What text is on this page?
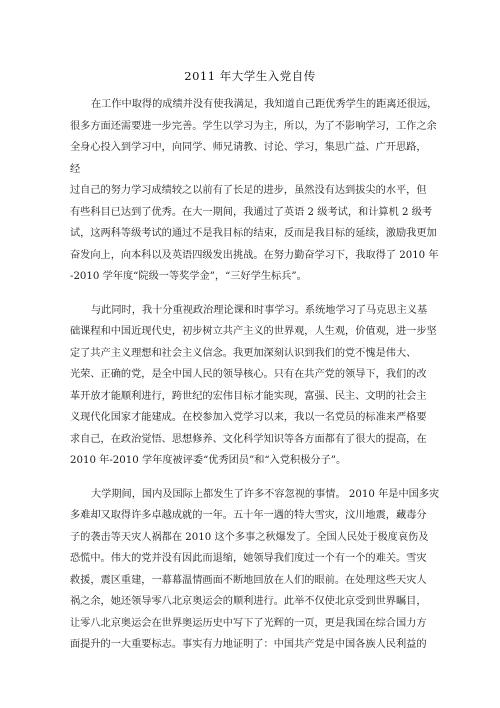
2011 年大学生入党自传

在工作中取得的成绩并没有使我满足，我知道自己距优秀学生的距离还很远，
很多方面还需要进一步完善。学生以学习为主，所以，为了不影响学习，工作之余
全身心投入到学习中，向同学、师兄请教、讨论、学习，集思广益、广开思路，
经
过自己的努力学习成绩较之以前有了长足的进步，虽然没有达到拔尖的水平，但
有些科目已达到了优秀。在大一期间，我通过了英语 2 级考试，和计算机 2 级考
试，这两科等级考试的通过不是我目标的结束，反而是我目标的延续，激励我更加
奋发向上，向本科以及英语四级发出挑战。在努力勤奋学习下，我取得了 2010 年
-2010 学年度“院级一等奖学金”，“三好学生标兵”。

与此同时，我十分重视政治理论课和时事学习。系统地学习了马克思主义基
础课程和中国近现代史，初步树立共产主义的世界观，人生观，价值观，进一步坚
定了共产主义理想和社会主义信念。我更加深刻认识到我们的党不愧是伟大、
光荣、正确的党，是全中国人民的领导核心。只有在共产党的领导下，我们的改
革开放才能顺利进行，跨世纪的宏伟目标才能实现，富强、民主、文明的社会主
义现代化国家才能建成。在校参加入党学习以来，我以一名党员的标准来严格要
求自己，在政治觉悟、思想修养、文化科学知识等各方面都有了很大的提高，在
2010 年-2010 学年度被评委“优秀团员”和“入党积极分子”。

大学期间，国内及国际上都发生了许多不容忽视的事情。 2010 年是中国多灾
多难却又取得许多卓越成就的一年。五十年一遇的特大雪灾，汶川地震，藏毒分
子的袭击等天灾人祸都在 2010 这个多事之秋爆发了。全国人民处于极度哀伤及
恐慌中。伟大的党并没有因此而退缩，她领导我们度过一个有一个的难关。雪灾
救援，震区重建，一幕幕温情画面不断地回放在人们的眼前。在处理这些天灾人
祸之余，她还领导零八北京奥运会的顺利进行。此举不仅使北京受到世界瞩目，
让零八北京奥运会在世界奥运历史中写下了光辉的一页，更是我国在综合国力方
面提升的一大重要标志。事实有力地证明了：中国共产党是中国各族人民利益的
